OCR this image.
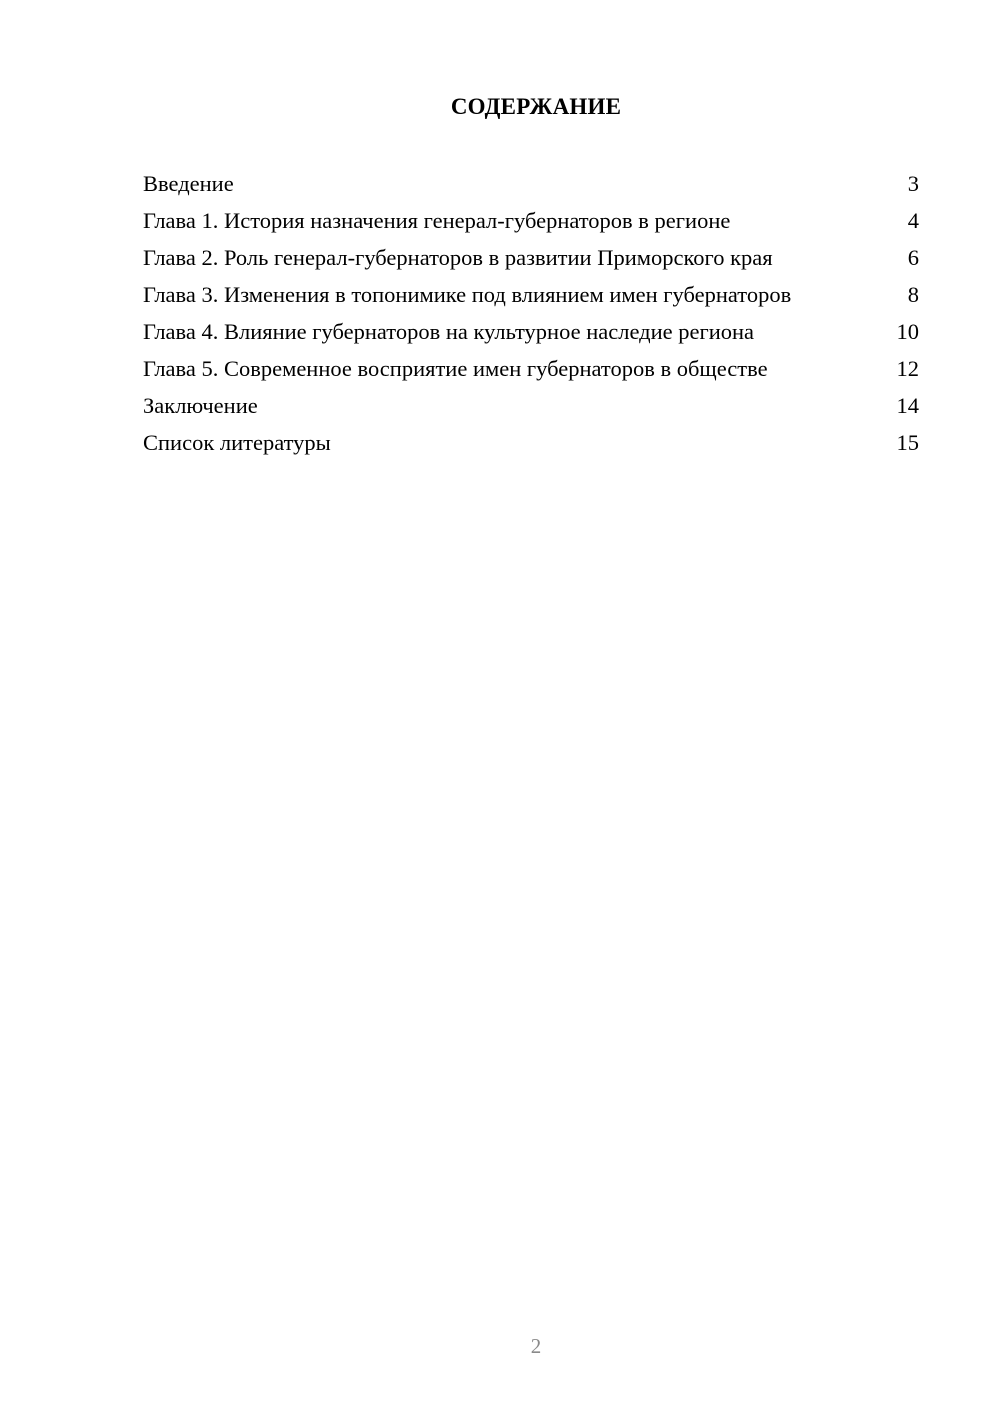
СОДЕРЖАНИЕ
Введение	3
Глава 1. История назначения генерал-губернаторов в регионе	4
Глава 2. Роль генерал-губернаторов в развитии Приморского края	6
Глава 3. Изменения в топонимике под влиянием имен губернаторов	8
Глава 4. Влияние губернаторов на культурное наследие региона	10
Глава 5. Современное восприятие имен губернаторов в обществе	12
Заключение	14
Список литературы	15
2
